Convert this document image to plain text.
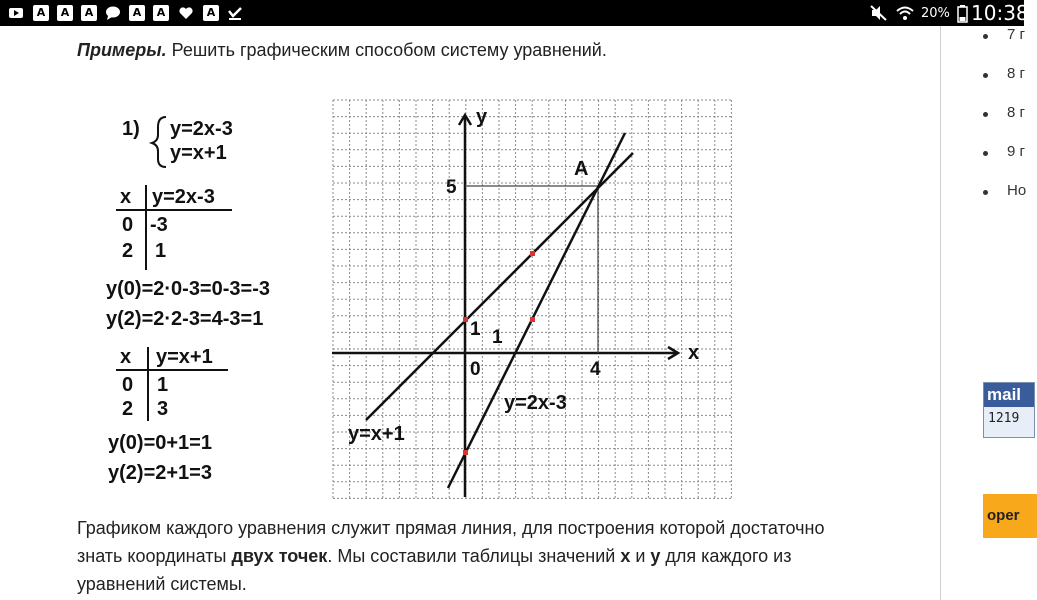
A	A	A	A	A	A	20% 10:38
Примеры. Решить графическим способом систему уравнений.
1) y=2x-3
y=x+1
x y=2x-3
0 -3
2 1
y(0)=2·0-3=0-3=-3
y(2)=2·2-3=4-3=1
x y=x+1
0 1
2 3
y(0)=0+1=1
y(2)=2+1=3
x
y
0
1 1
5
4
A
y=2x-3
y=x+1
Графиком каждого уравнения служит прямая линия, для построения которой достаточно
знать координаты двух точек. Мы составили таблицы значений x и y для каждого из
уравнений системы.
7 г
8 г
8 г
9 г
Но
mail
1219
oper
